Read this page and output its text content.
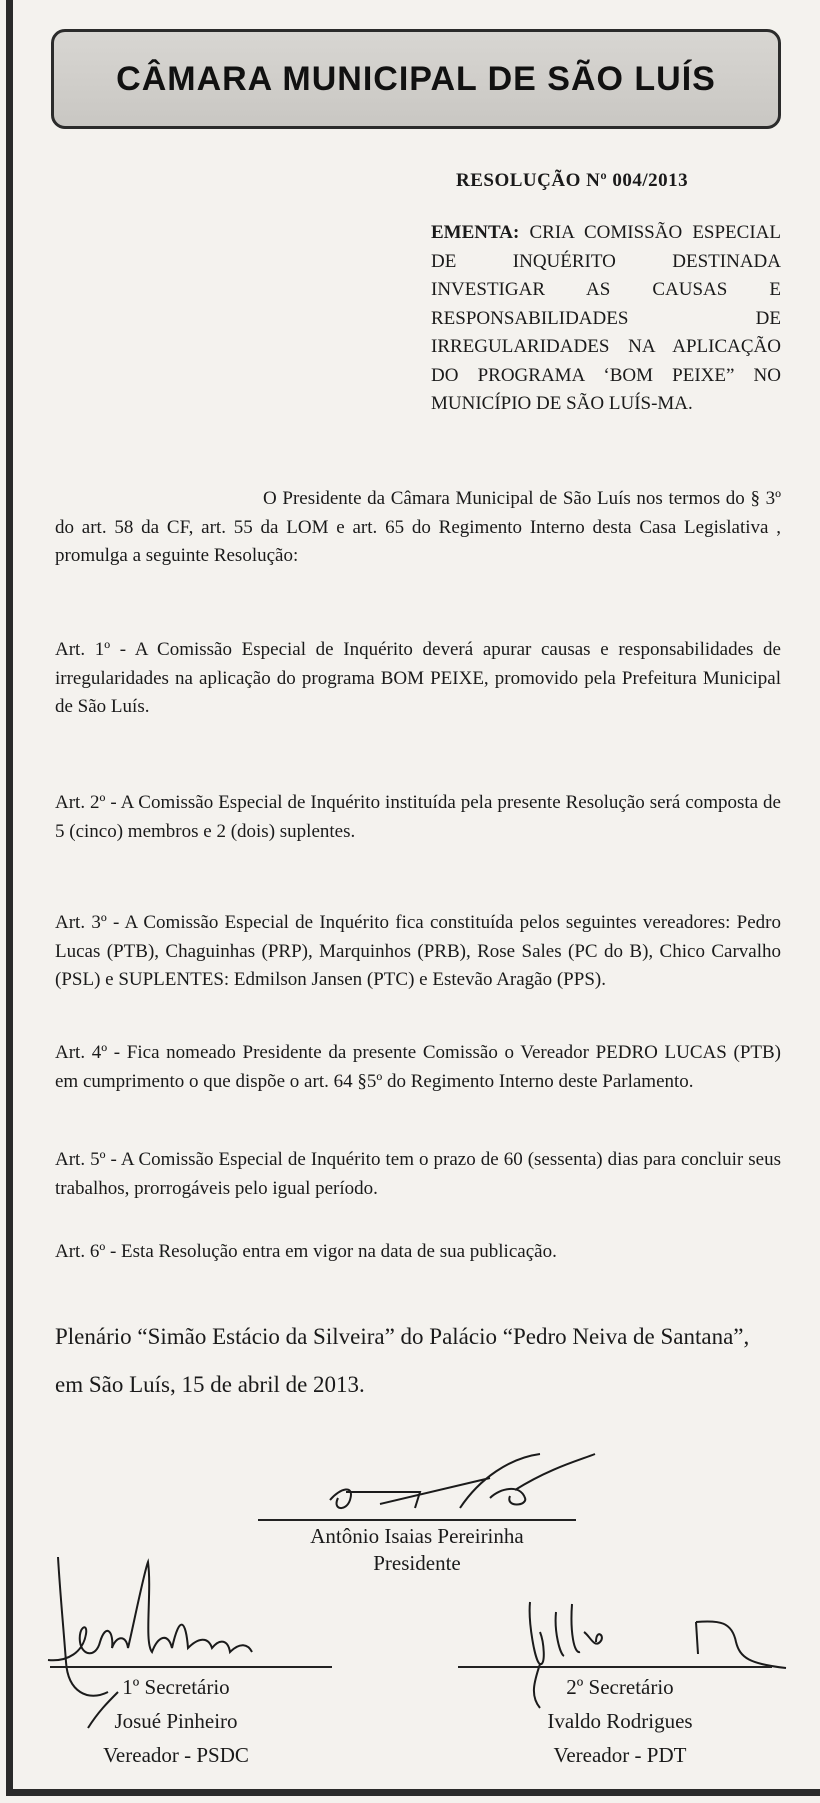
CÂMARA MUNICIPAL DE SÃO LUÍS
RESOLUÇÃO Nº 004/2013
EMENTA: CRIA COMISSÃO ESPECIAL DE INQUÉRITO DESTINADA INVESTIGAR AS CAUSAS E RESPONSABILIDADES DE IRREGULARIDADES NA APLICAÇÃO DO PROGRAMA ‘BOM PEIXE” NO MUNICÍPIO DE SÃO LUÍS-MA.

O Presidente da Câmara Municipal de São Luís nos termos do § 3º do art. 58 da CF, art. 55 da LOM e art. 65 do Regimento Interno desta Casa Legislativa , promulga a seguinte Resolução:

Art. 1º - A Comissão Especial de Inquérito deverá apurar causas e responsabilidades de irregularidades na aplicação do programa BOM PEIXE, promovido pela Prefeitura Municipal de São Luís.

Art. 2º - A Comissão Especial de Inquérito instituída pela presente Resolução será composta de 5 (cinco) membros e 2 (dois) suplentes.

Art. 3º - A Comissão Especial de Inquérito fica constituída pelos seguintes vereadores: Pedro Lucas (PTB), Chaguinhas (PRP), Marquinhos (PRB), Rose Sales (PC do B), Chico Carvalho (PSL) e SUPLENTES: Edmilson Jansen (PTC) e Estevão Aragão (PPS).

Art. 4º - Fica nomeado Presidente da presente Comissão o Vereador PEDRO LUCAS (PTB) em cumprimento o que dispõe o art. 64 §5º do Regimento Interno deste Parlamento.

Art. 5º - A Comissão Especial de Inquérito tem o prazo de 60 (sessenta) dias para concluir seus trabalhos, prorrogáveis pelo igual período.

Art. 6º - Esta Resolução entra em vigor na data de sua publicação.

Plenário “Simão Estácio da Silveira” do Palácio “Pedro Neiva de Santana”,
em São Luís, 15 de abril de 2013.
Antônio Isaias Pereirinha
Presidente
1º Secretário
Josué Pinheiro
Vereador - PSDC
2º Secretário
Ivaldo Rodrigues
Vereador - PDT
